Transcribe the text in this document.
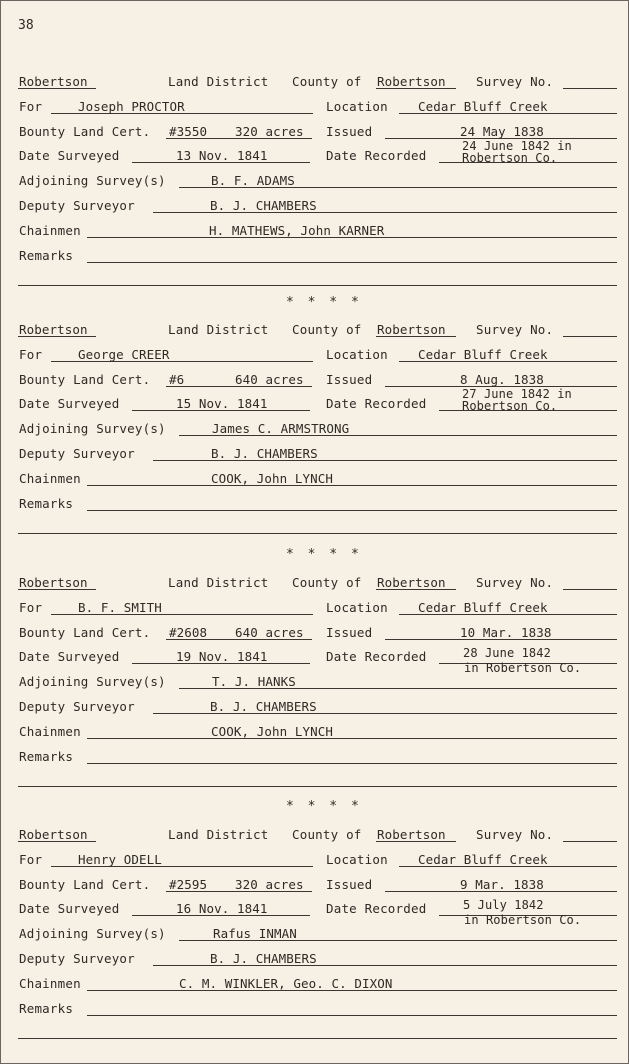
38
* * * *
* * * *
* * * *
Robertson	Land District County of Robertson Survey No.
For	Joseph PROCTOR	Location Cedar Bluff Creek
Bounty Land Cert. #3550 320 acres Issued	24 May 1838
Date Surveyed	13 Nov. 1841	Date Recorded
24 June 1842 in
Robertson Co.
Adjoining Survey(s)	B. F. ADAMS
Deputy Surveyor	B. J. CHAMBERS
Chainmen	H. MATHEWS, John KARNER
Remarks
Robertson	Land District County of Robertson Survey No.
For	George CREER	Location Cedar Bluff Creek
Bounty Land Cert. #6	640 acres Issued	8 Aug. 1838
Date Surveyed	15 Nov. 1841	Date Recorded
27 June 1842 in
Robertson Co.
Adjoining Survey(s)	James C. ARMSTRONG
Deputy Surveyor	B. J. CHAMBERS
Chainmen	COOK, John LYNCH
Remarks
Robertson	Land District County of Robertson Survey No.
For	B. F. SMITH	Location Cedar Bluff Creek
Bounty Land Cert. #2608 640 acres Issued	10 Mar. 1838
Date Surveyed	19 Nov. 1841	Date Recorded	28 June 1842
in Robertson Co.
Adjoining Survey(s)	T. J. HANKS
Deputy Surveyor	B. J. CHAMBERS
Chainmen	COOK, John LYNCH
Remarks
Robertson	Land District County of Robertson Survey No.
For	Henry ODELL	Location Cedar Bluff Creek
Bounty Land Cert. #2595 320 acres Issued	9 Mar. 1838
Date Surveyed	16 Nov. 1841	Date Recorded	5 July 1842
in Robertson Co.
Adjoining Survey(s)	Rafus INMAN
Deputy Surveyor	B. J. CHAMBERS
Chainmen	C. M. WINKLER, Geo. C. DIXON
Remarks
